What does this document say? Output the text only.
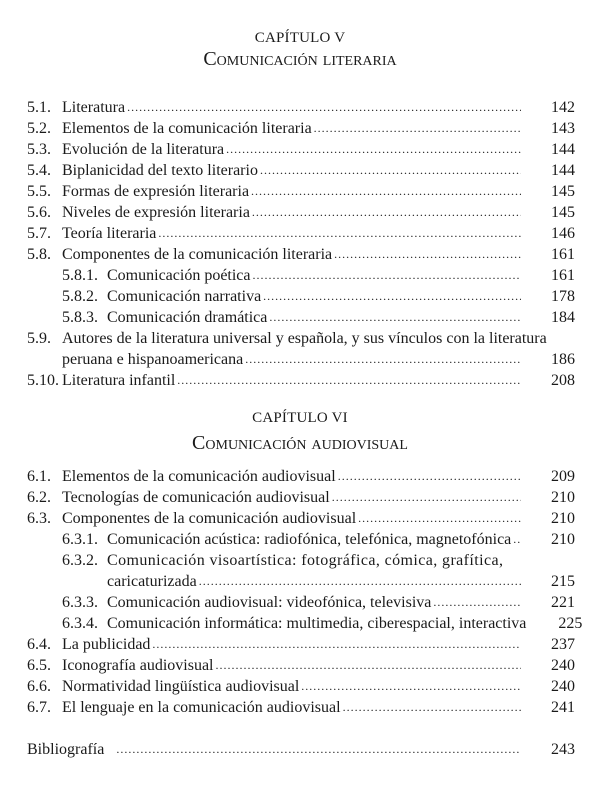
CAPÍTULO V
Comunicación literaria
5.1. Literatura .....	142
5.2. Elementos de la comunicación literaria .....	143
5.3. Evolución de la literatura .....	144
5.4. Biplanicidad del texto literario .....	144
5.5. Formas de expresión literaria .....	145
5.6. Niveles de expresión literaria .....	145
5.7. Teoría literaria .....	146
5.8. Componentes de la comunicación literaria .....	161
5.8.1. Comunicación poética .....	161
5.8.2. Comunicación narrativa .....	178
5.8.3. Comunicación dramática .....	184
5.9. Autores de la literatura universal y española, y sus vínculos con la literatura
peruana e hispanoamericana .....	186
5.10. Literatura infantil .....	208
CAPÍTULO VI
Comunicación audiovisual
6.1. Elementos de la comunicación audiovisual .....	209
6.2. Tecnologías de comunicación audiovisual .....	210
6.3. Componentes de la comunicación audiovisual .....	210
6.3.1. Comunicación acústica: radiofónica, telefónica, magnetofónica .....	210
6.3.2. Comunicación visoartística: fotográfica, cómica, grafítica,
caricaturizada .....	215
6.3.3. Comunicación audiovisual: videofónica, televisiva .....	221
6.3.4. Comunicación informática: multimedia, ciberespacial, interactiva	225
6.4. La publicidad .....	237
6.5. Iconografía audiovisual .....	240
6.6. Normatividad lingüística audiovisual .....	240
6.7. El lenguaje en la comunicación audiovisual .....	241
Bibliografía .....	243
